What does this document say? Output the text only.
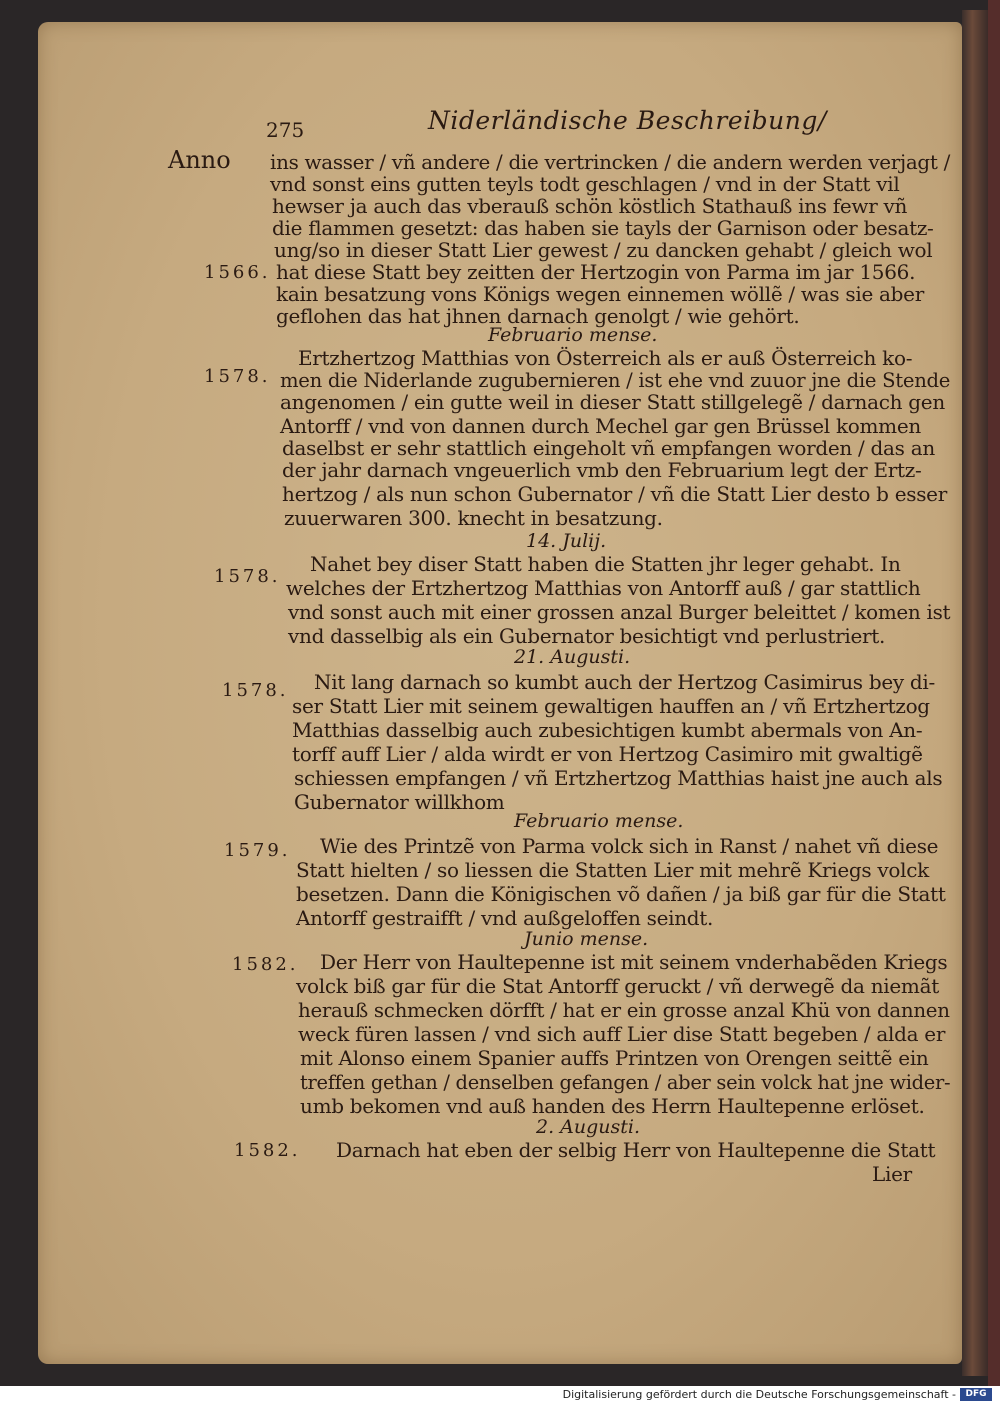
275	Niderländische Beschreibung/
Anno
1566.
1578.
1578.
1578.
1579.
1582.
1582.
ins wasser / vñ andere / die vertrincken / die andern werden verjagt /
vnd sonst eins gutten teyls todt geschlagen / vnd in der Statt vil
hewser ja auch das vberauß schön köstlich Stathauß ins fewr vñ
die flammen gesetzt: das haben sie tayls der Garnison oder besatz-
ung/so in dieser Statt Lier gewest / zu dancken gehabt / gleich wol
hat diese Statt bey zeitten der Hertzogin von Parma im jar 1566.
kain besatzung vons Königs wegen einnemen wöllẽ / was sie aber
geflohen das hat jhnen darnach genolgt / wie gehört.
Februario mense.
Ertzhertzog Matthias von Österreich als er auß Österreich ko-
men die Niderlande zugubernieren / ist ehe vnd zuuor jne die Stende
angenomen / ein gutte weil in dieser Statt stillgelegẽ / darnach gen
Antorff / vnd von dannen durch Mechel gar gen Brüssel kommen
daselbst er sehr stattlich eingeholt vñ empfangen worden / das an
der jahr darnach vngeuerlich vmb den Februarium legt der Ertz-
hertzog / als nun schon Gubernator / vñ die Statt Lier desto b esser
zuuerwaren 300. knecht in besatzung.
14. Julij.
Nahet bey diser Statt haben die Statten jhr leger gehabt. In
welches der Ertzhertzog Matthias von Antorff auß / gar stattlich
vnd sonst auch mit einer grossen anzal Burger beleittet / komen ist
vnd dasselbig als ein Gubernator besichtigt vnd perlustriert.
21. Augusti.
Nit lang darnach so kumbt auch der Hertzog Casimirus bey di-
ser Statt Lier mit seinem gewaltigen hauffen an / vñ Ertzhertzog
Matthias dasselbig auch zubesichtigen kumbt abermals von An-
torff auff Lier / alda wirdt er von Hertzog Casimiro mit gwaltigẽ
schiessen empfangen / vñ Ertzhertzog Matthias haist jne auch als
Gubernator willkhom
Februario mense.
Wie des Printzẽ von Parma volck sich in Ranst / nahet vñ diese
Statt hielten / so liessen die Statten Lier mit mehrẽ Kriegs volck
besetzen. Dann die Königischen võ dañen / ja biß gar für die Statt
Antorff gestraifft / vnd außgeloffen seindt.
Junio mense.
Der Herr von Haultepenne ist mit seinem vnderhabẽden Kriegs
volck biß gar für die Stat Antorff geruckt / vñ derwegẽ da niemãt
herauß schmecken dörfft / hat er ein grosse anzal Khü von dannen
weck füren lassen / vnd sich auff Lier dise Statt begeben / alda er
mit Alonso einem Spanier auffs Printzen von Orengen seittẽ ein
treffen gethan / denselben gefangen / aber sein volck hat jne wider-
umb bekomen vnd auß handen des Herrn Haultepenne erlöset.
2. Augusti.
Darnach hat eben der selbig Herr von Haultepenne die Statt
Lier
Digitalisierung gefördert durch die Deutsche Forschungsgemeinschaft -	DFG
